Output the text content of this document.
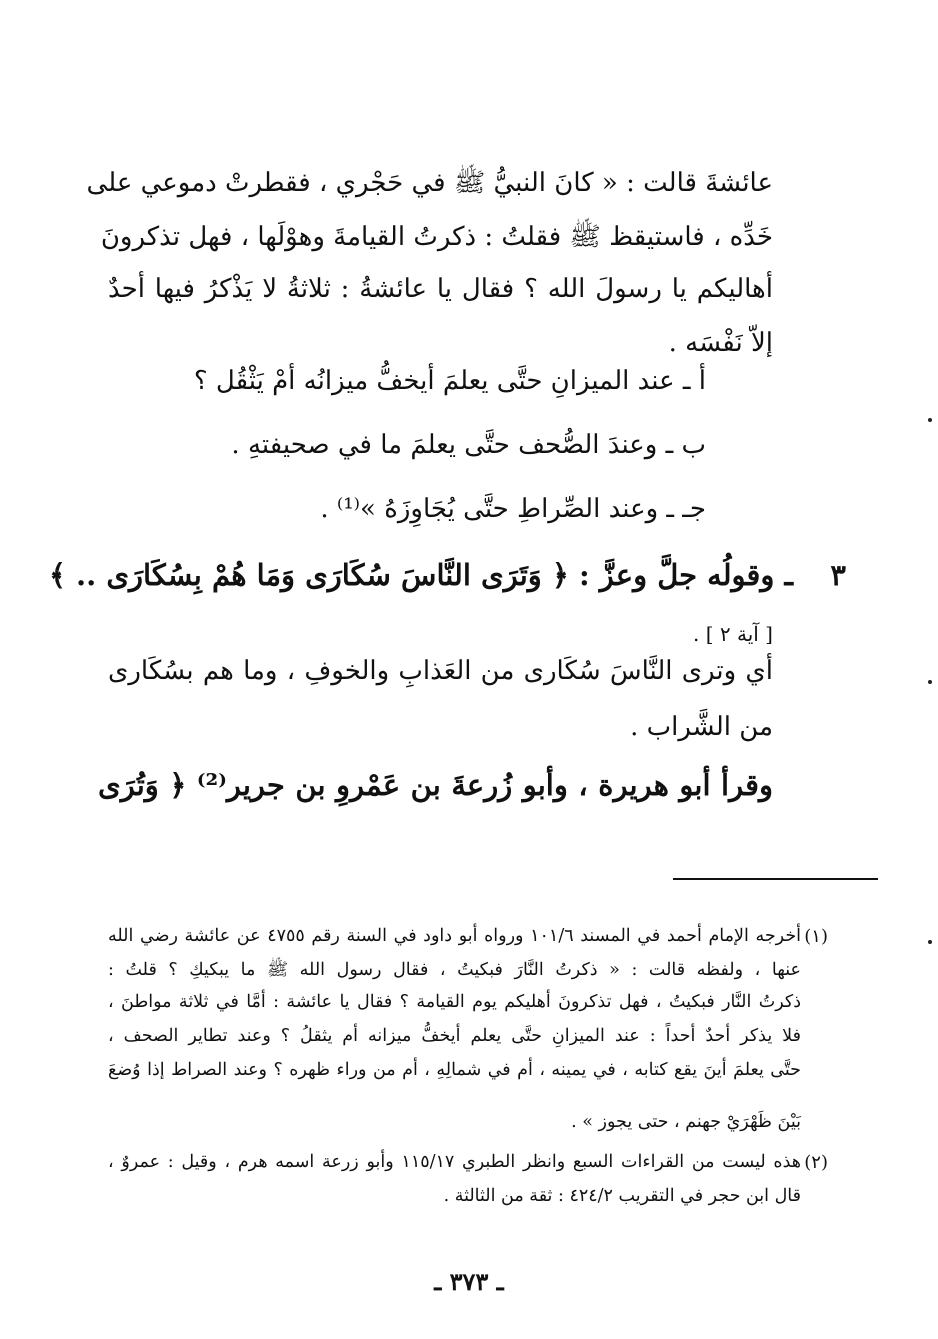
عائشةَ قالت : « كانَ النبيُّ ﷺ في حَجْري ، فقطرتْ دموعي على
خَدِّه ، فاستيقظ ﷺ فقلتُ : ذكرتُ القيامةَ وهوْلَها ، فهل تذكرونَ
أهاليكم يا رسولَ الله ؟ فقال يا عائشةُ : ثلاثةُ لا يَذْكرُ فيها أحدٌ
إلاّ نَفْسَه .
أ ـ عند الميزانِ حتَّى يعلمَ أيخفُّ ميزانُه أمْ يَثْقُل ؟
ب ـ وعندَ الصُّحف حتَّى يعلمَ ما في صحيفتهِ .
جـ ـ وعند الصِّراطِ حتَّى يُجَاوِزَهُ »⁽¹⁾ .
٣
ـ وقولُه جلَّ وعزَّ : ﴿ وَتَرَى النَّاسَ سُكَارَى وَمَا هُمْ بِسُكَارَى .. ﴾
[ آية ٢ ] .
أي وترى النَّاسَ سُكَارى من العَذابِ والخوفِ ، وما هم بسُكَارى
من الشَّراب .
وقرأ أبو هريرة ، وأبو زُرعةَ بن عَمْروِ بن جرير⁽²⁾ ﴿ وَتُرَى
(١)
أخرجه الإمام أحمد في المسند ١٠١/٦ ورواه أبو داود في السنة رقم ٤٧٥٥ عن عائشة رضي الله
عنها ، ولفظه قالت : « ذكرتُ النَّارَ فبكيتُ ، فقال رسول الله ﷺ ما يبكيكِ ؟ قلتُ :
ذكرتُ النَّار فبكيتُ ، فهل تذكرونَ أهليكم يوم القيامة ؟ فقال يا عائشة : أمَّا في ثلاثة مواطنَ ،
فلا يذكر أحدٌ أحداً : عند الميزانِ حتَّى يعلم أيخفُّ ميزانه أم يثقلُ ؟ وعند تطاير الصحف ،
حتَّى يعلمَ أينَ يقع كتابه ، في يمينه ، أم في شمالِهِ ، أم من وراء ظهره ؟ وعند الصراط إذا وُضعَ
بَيْنَ ظَهْرَيْ جهنم ، حتى يجوز » .
(٢)
هذه ليست من القراءات السبع وانظر الطبري ١١٥/١٧ وأبو زرعة اسمه هرم ، وقيل : عمروٌ ،
قال ابن حجر في التقريب ٤٢٤/٢ : ثقة من الثالثة .
ـ ٣٧٣ ـ
